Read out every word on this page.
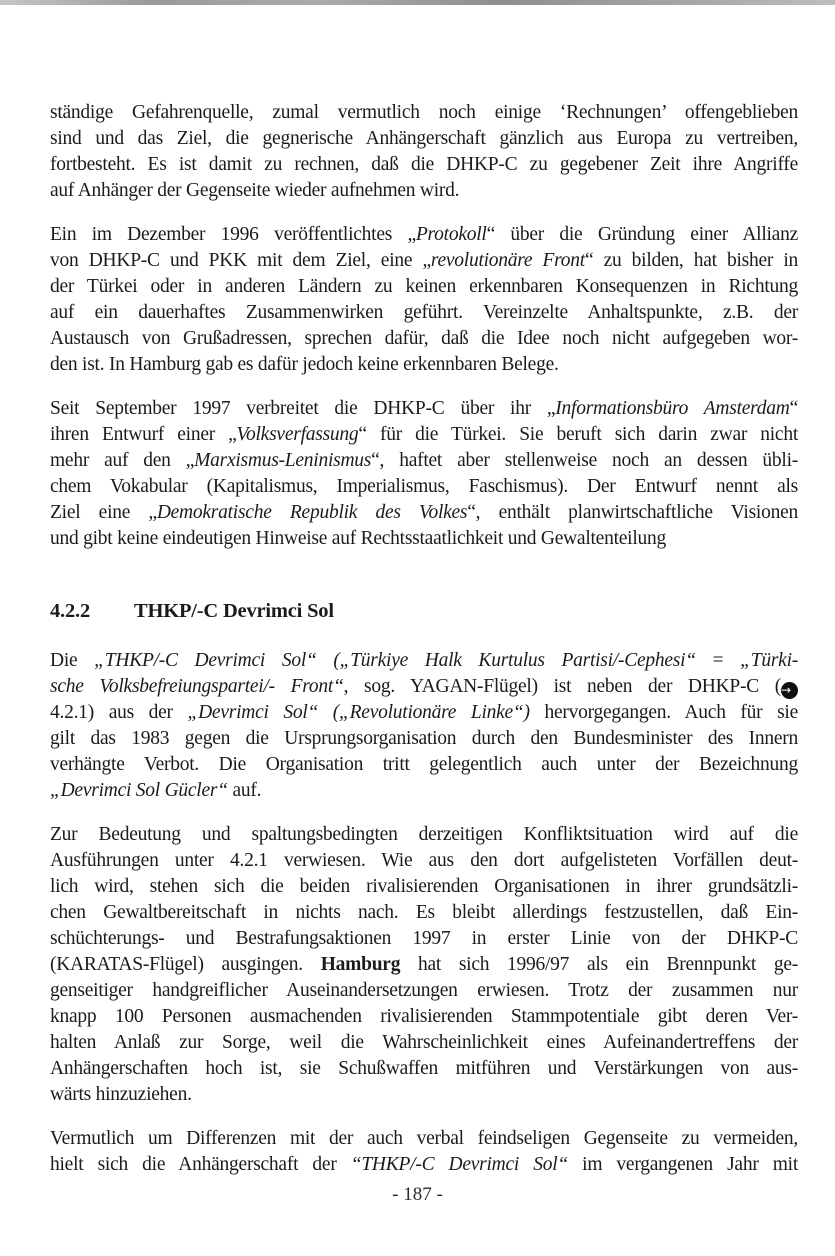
ständige Gefahrenquelle, zumal vermutlich noch einige ‘Rechnungen’ offengeblieben
sind und das Ziel, die gegnerische Anhängerschaft gänzlich aus Europa zu vertreiben,
fortbesteht. Es ist damit zu rechnen, daß die DHKP-C zu gegebener Zeit ihre Angriffe
auf Anhänger der Gegenseite wieder aufnehmen wird.
Ein im Dezember 1996 veröffentlichtes „Protokoll“ über die Gründung einer Allianz
von DHKP-C und PKK mit dem Ziel, eine „revolutionäre Front“ zu bilden, hat bisher in
der Türkei oder in anderen Ländern zu keinen erkennbaren Konsequenzen in Richtung
auf ein dauerhaftes Zusammenwirken geführt. Vereinzelte Anhaltspunkte, z.B. der
Austausch von Grußadressen, sprechen dafür, daß die Idee noch nicht aufgegeben wor-
den ist. In Hamburg gab es dafür jedoch keine erkennbaren Belege.
Seit September 1997 verbreitet die DHKP-C über ihr „Informationsbüro Amsterdam“
ihren Entwurf einer „Volksverfassung“ für die Türkei. Sie beruft sich darin zwar nicht
mehr auf den „Marxismus-Leninismus“, haftet aber stellenweise noch an dessen übli-
chem Vokabular (Kapitalismus, Imperialismus, Faschismus). Der Entwurf nennt als
Ziel eine „Demokratische Republik des Volkes“, enthält planwirtschaftliche Visionen
und gibt keine eindeutigen Hinweise auf Rechtsstaatlichkeit und Gewaltenteilung
4.2.2 THKP/-C Devrimci Sol
Die „THKP/-C Devrimci Sol“ („Türkiye Halk Kurtulus Partisi/-Cephesi“ = „Türki-
sche Volksbefreiungspartei/- Front“, sog. YAGAN-Flügel) ist neben der DHKP-C (→
4.2.1) aus der „Devrimci Sol“ („Revolutionäre Linke“) hervorgegangen. Auch für sie
gilt das 1983 gegen die Ursprungsorganisation durch den Bundesminister des Innern
verhängte Verbot. Die Organisation tritt gelegentlich auch unter der Bezeichnung
„Devrimci Sol Gücler“ auf.
Zur Bedeutung und spaltungsbedingten derzeitigen Konfliktsituation wird auf die
Ausführungen unter 4.2.1 verwiesen. Wie aus den dort aufgelisteten Vorfällen deut-
lich wird, stehen sich die beiden rivalisierenden Organisationen in ihrer grundsätzli-
chen Gewaltbereitschaft in nichts nach. Es bleibt allerdings festzustellen, daß Ein-
schüchterungs- und Bestrafungsaktionen 1997 in erster Linie von der DHKP-C
(KARATAS-Flügel) ausgingen. Hamburg hat sich 1996/97 als ein Brennpunkt ge-
genseitiger handgreiflicher Auseinandersetzungen erwiesen. Trotz der zusammen nur
knapp 100 Personen ausmachenden rivalisierenden Stammpotentiale gibt deren Ver-
halten Anlaß zur Sorge, weil die Wahrscheinlichkeit eines Aufeinandertreffens der
Anhängerschaften hoch ist, sie Schußwaffen mitführen und Verstärkungen von aus-
wärts hinzuziehen.
Vermutlich um Differenzen mit der auch verbal feindseligen Gegenseite zu vermeiden,
hielt sich die Anhängerschaft der “THKP/-C Devrimci Sol“ im vergangenen Jahr mit
- 187 -
